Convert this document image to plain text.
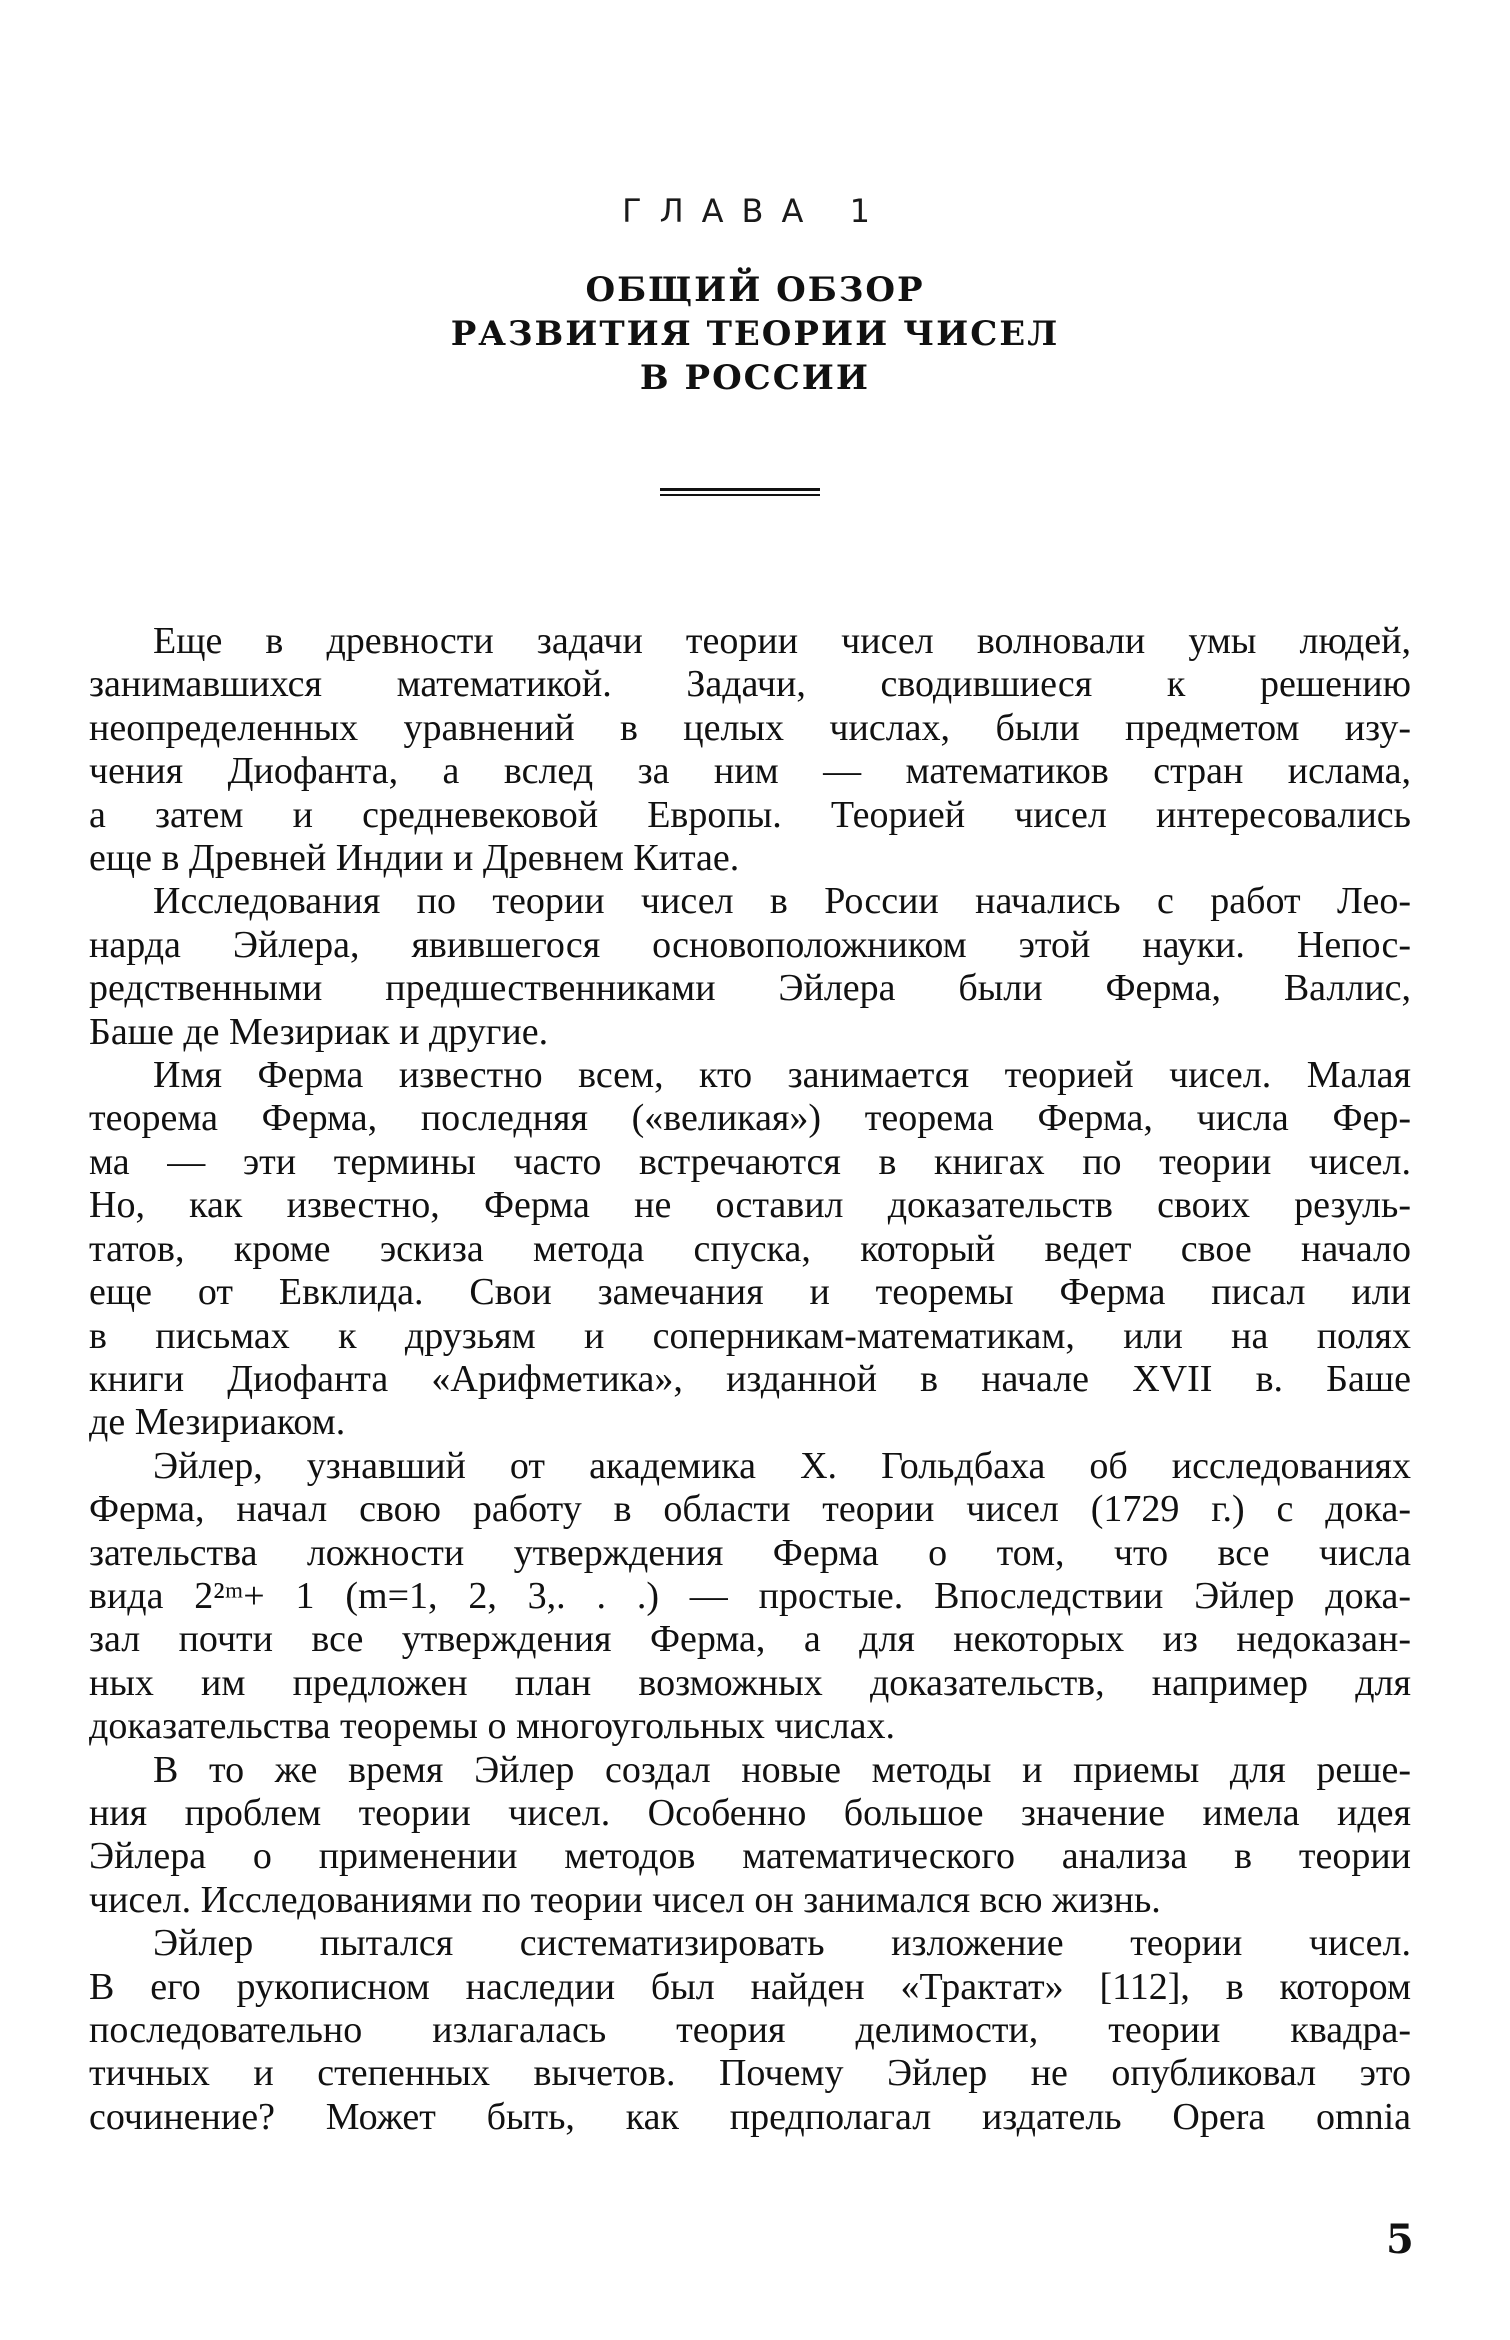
ГЛАВА 1
ОБЩИЙ ОБЗОР
РАЗВИТИЯ ТЕОРИИ ЧИСЕЛ
В РОССИИ

Еще в древности задачи теории чисел волновали умы людей,
занимавшихся математикой. Задачи, сводившиеся к решению
неопределенных уравнений в целых числах, были предметом изу-
чения Диофанта, а вслед за ним — математиков стран ислама,
а затем и средневековой Европы. Теорией чисел интересовались
еще в Древней Индии и Древнем Китае.

Исследования по теории чисел в России начались с работ Лео-
нарда Эйлера, явившегося основоположником этой науки. Непос-
редственными предшественниками Эйлера были Ферма, Валлис,
Баше де Мезириак и другие.

Имя Ферма известно всем, кто занимается теорией чисел. Малая
теорема Ферма, последняя («великая») теорема Ферма, числа Фер-
ма — эти термины часто встречаются в книгах по теории чисел.
Но, как известно, Ферма не оставил доказательств своих резуль-
татов, кроме эскиза метода спуска, который ведет свое начало
еще от Евклида. Свои замечания и теоремы Ферма писал или
в письмах к друзьям и соперникам-математикам, или на полях
книги Диофанта «Арифметика», изданной в начале XVII в. Баше
де Мезириаком.

Эйлер, узнавший от академика Х. Гольдбаха об исследованиях
Ферма, начал свою работу в области теории чисел (1729 г.) с дока-
зательства ложности утверждения Ферма о том, что все числа
вида 2²ᵐ+ 1 (m=1, 2, 3,. . .) — простые. Впоследствии Эйлер дока-
зал почти все утверждения Ферма, а для некоторых из недоказан-
ных им предложен план возможных доказательств, например для
доказательства теоремы о многоугольных числах.

В то же время Эйлер создал новые методы и приемы для реше-
ния проблем теории чисел. Особенно большое значение имела идея
Эйлера о применении методов математического анализа в теории
чисел. Исследованиями по теории чисел он занимался всю жизнь.

Эйлер пытался систематизировать изложение теории чисел.
В его рукописном наследии был найден «Трактат» [112], в котором
последовательно излагалась теория делимости, теории квадра-
тичных и степенных вычетов. Почему Эйлер не опубликовал это
сочинение? Может быть, как предполагал издатель Opera omnia

5
